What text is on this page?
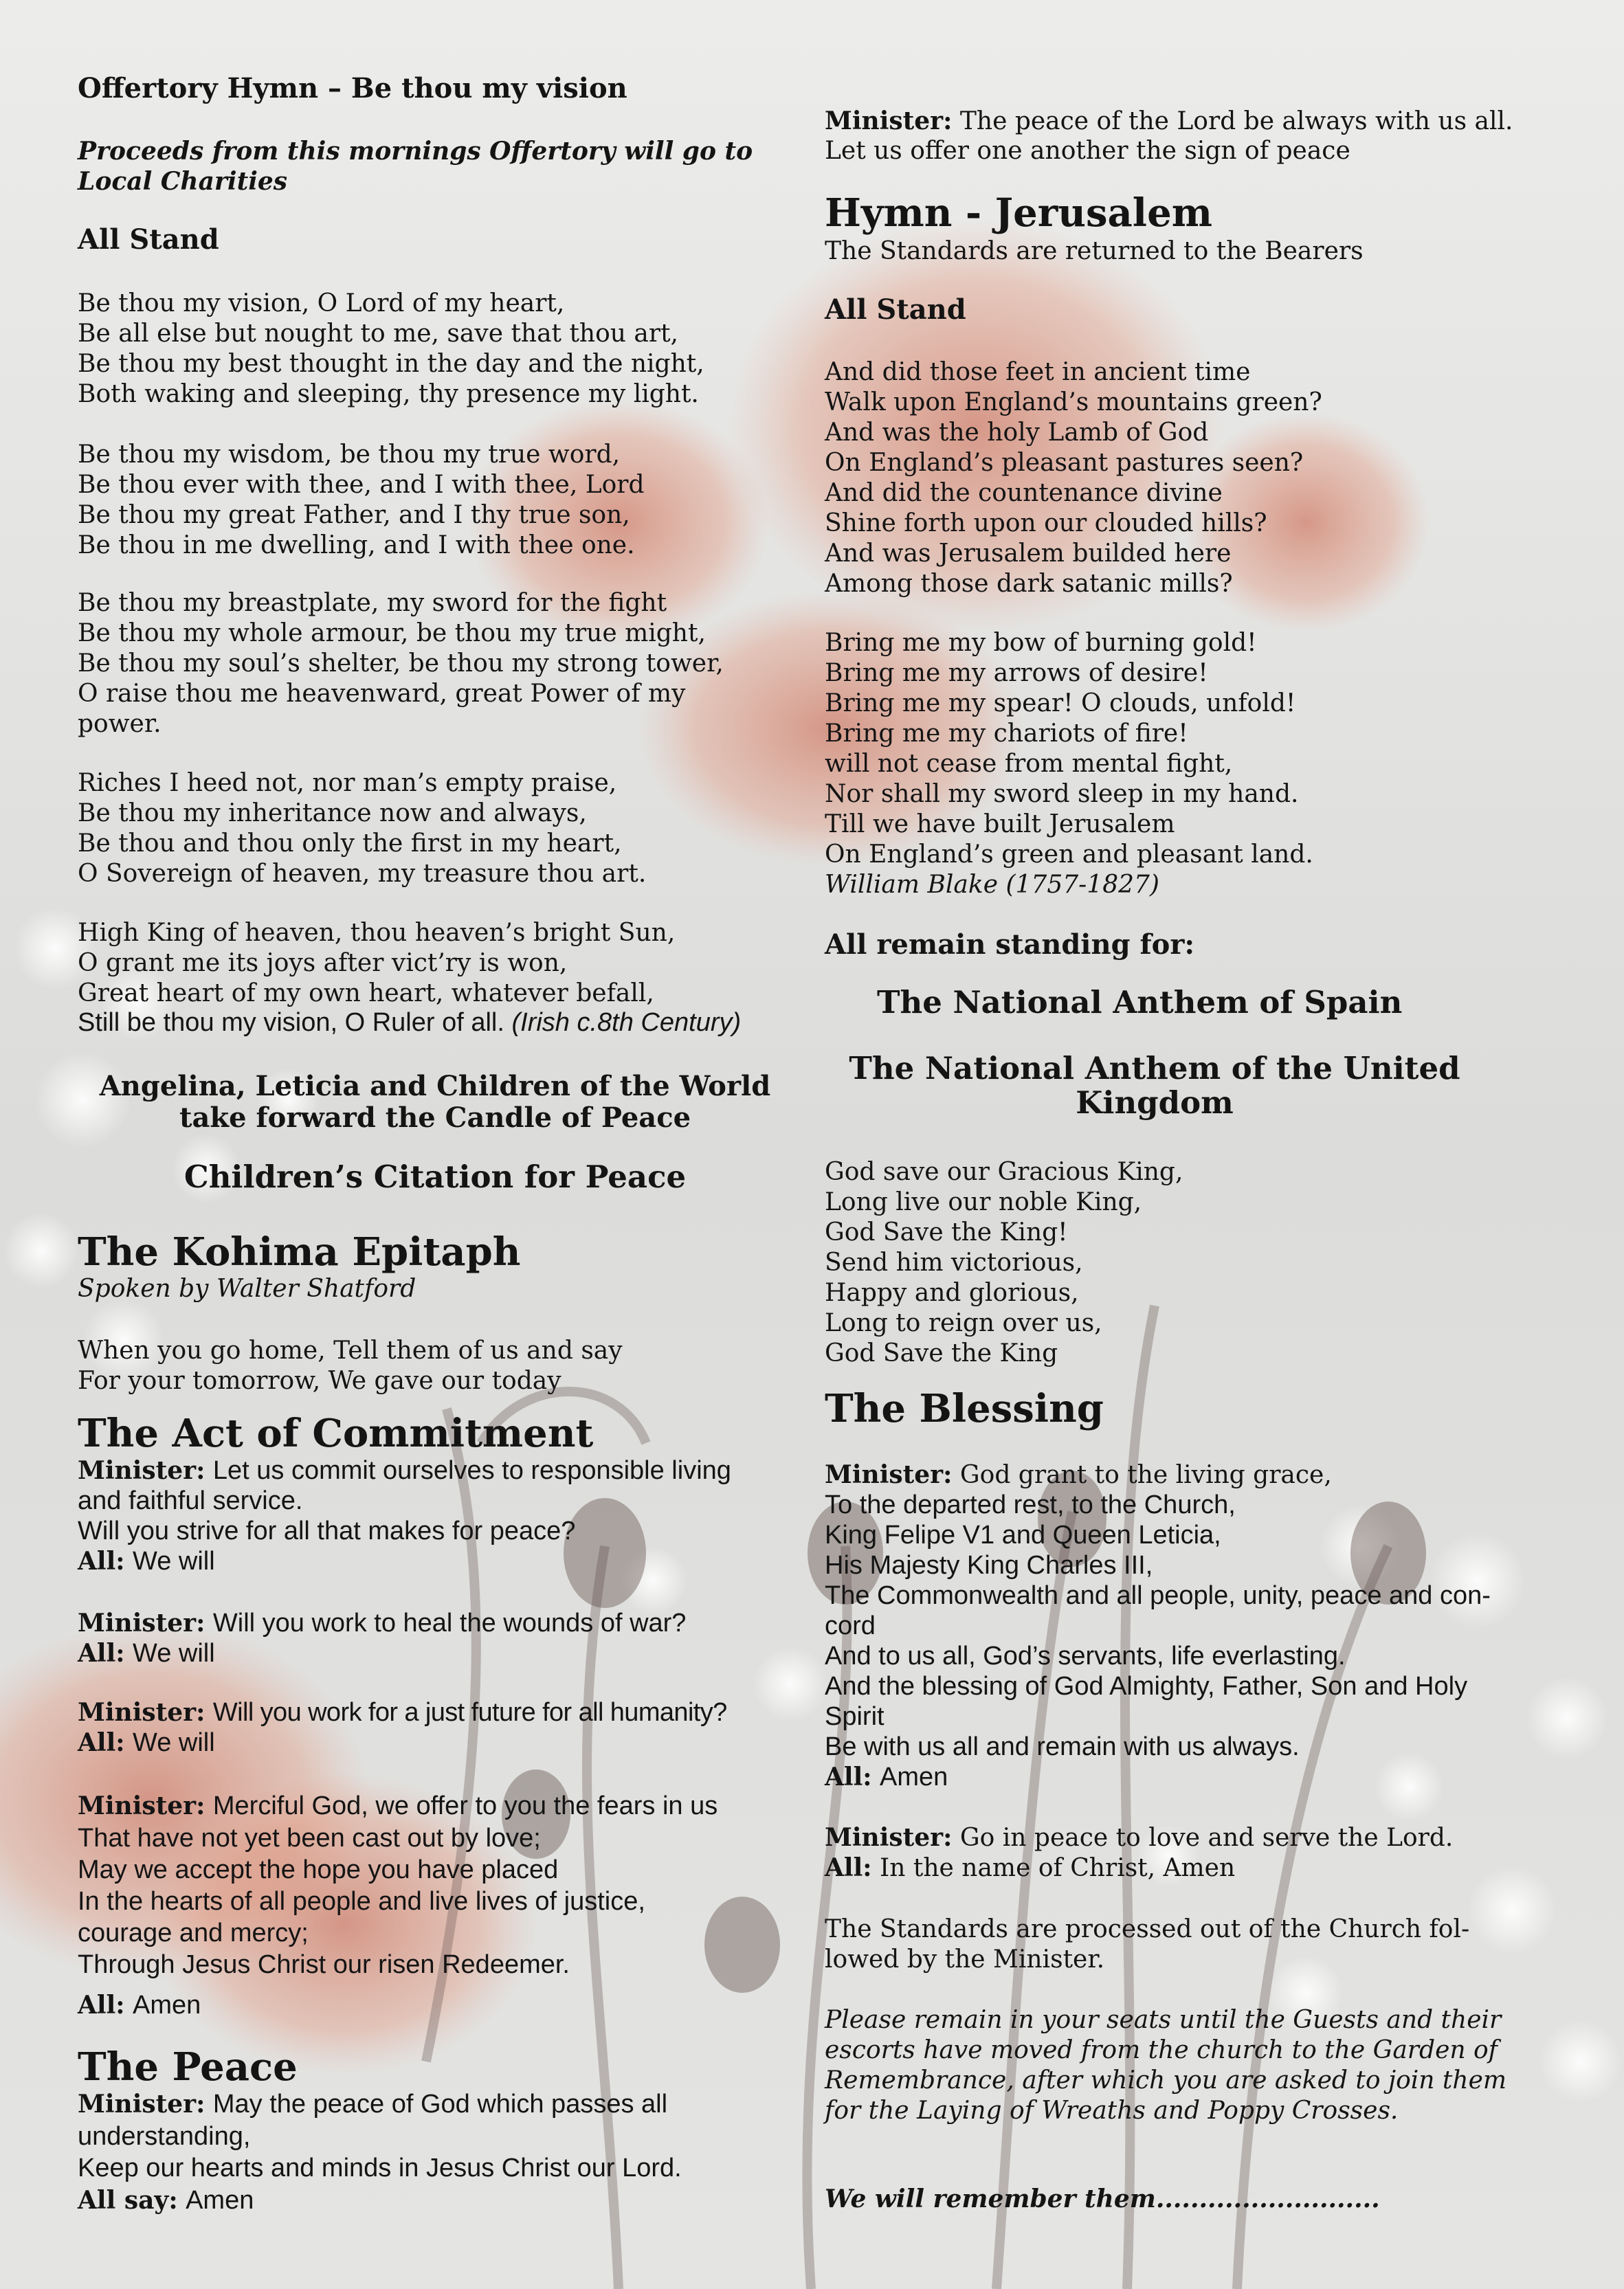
Offertory Hymn – Be thou my vision

Proceeds from this mornings Offertory will go to Local Charities

All Stand

Be thou my vision, O Lord of my heart,
Be all else but nought to me, save that thou art,
Be thou my best thought in the day and the night,
Both waking and sleeping, thy presence my light.

Be thou my wisdom, be thou my true word,
Be thou ever with thee, and I with thee, Lord
Be thou my great Father, and I thy true son,
Be thou in me dwelling, and I with thee one.

Be thou my breastplate, my sword for the fight
Be thou my whole armour, be thou my true might,
Be thou my soul’s shelter, be thou my strong tower,
O raise thou me heavenward, great Power of my
power.

Riches I heed not, nor man’s empty praise,
Be thou my inheritance now and always,
Be thou and thou only the first in my heart,
O Sovereign of heaven, my treasure thou art.

High King of heaven, thou heaven’s bright Sun,
O grant me its joys after vict’ry is won,
Great heart of my own heart, whatever befall,

Still be thou my vision, O Ruler of all. (Irish c.8th Century)

Angelina, Leticia and Children of the World take forward the Candle of Peace

Children’s Citation for Peace

The Kohima Epitaph

Spoken by Walter Shatford

When you go home, Tell them of us and say
For your tomorrow, We gave our today

The Act of Commitment

Minister: Let us commit ourselves to responsible living

and faithful service.

Will you strive for all that makes for peace?

All: We will

Minister: Will you work to heal the wounds of war?

All: We will

Minister: Will you work for a just future for all humanity?

All: We will

Minister: Merciful God, we offer to you the fears in us

That have not yet been cast out by love;
May we accept the hope you have placed
In the hearts of all people and live lives of justice,
courage and mercy;
Through Jesus Christ our risen Redeemer.

All: Amen

The Peace

Minister: May the peace of God which passes all

understanding,
Keep our hearts and minds in Jesus Christ our Lord.

All say: Amen

Minister: The peace of the Lord be always with us all.

Let us offer one another the sign of peace

Hymn - Jerusalem

The Standards are returned to the Bearers

All Stand

And did those feet in ancient time
Walk upon England’s mountains green?
And was the holy Lamb of God
On England’s pleasant pastures seen?
And did the countenance divine
Shine forth upon our clouded hills?
And was Jerusalem builded here
Among those dark satanic mills?

Bring me my bow of burning gold!
Bring me my arrows of desire!
Bring me my spear! O clouds, unfold!
Bring me my chariots of fire!
will not cease from mental fight,
Nor shall my sword sleep in my hand.
Till we have built Jerusalem
On England’s green and pleasant land.

William Blake (1757-1827)

All remain standing for:

The National Anthem of Spain

The National Anthem of the United Kingdom

God save our Gracious King,
Long live our noble King,
God Save the King!
Send him victorious,
Happy and glorious,
Long to reign over us,
God Save the King

The Blessing

Minister: God grant to the living grace,

To the departed rest, to the Church,
King Felipe V1 and Queen Leticia,
His Majesty King Charles III,
The Commonwealth and all people, unity, peace and con-
cord
And to us all, God’s servants, life everlasting.
And the blessing of God Almighty, Father, Son and Holy
Spirit
Be with us all and remain with us always.

All: Amen

Minister: Go in peace to love and serve the Lord.

All: In the name of Christ, Amen

The Standards are processed out of the Church fol-
lowed by the Minister.

Please remain in your seats until the Guests and their escorts have moved from the church to the Garden of Remembrance, after which you are asked to join them for the Laying of Wreaths and Poppy Crosses.

We will remember them..........................
